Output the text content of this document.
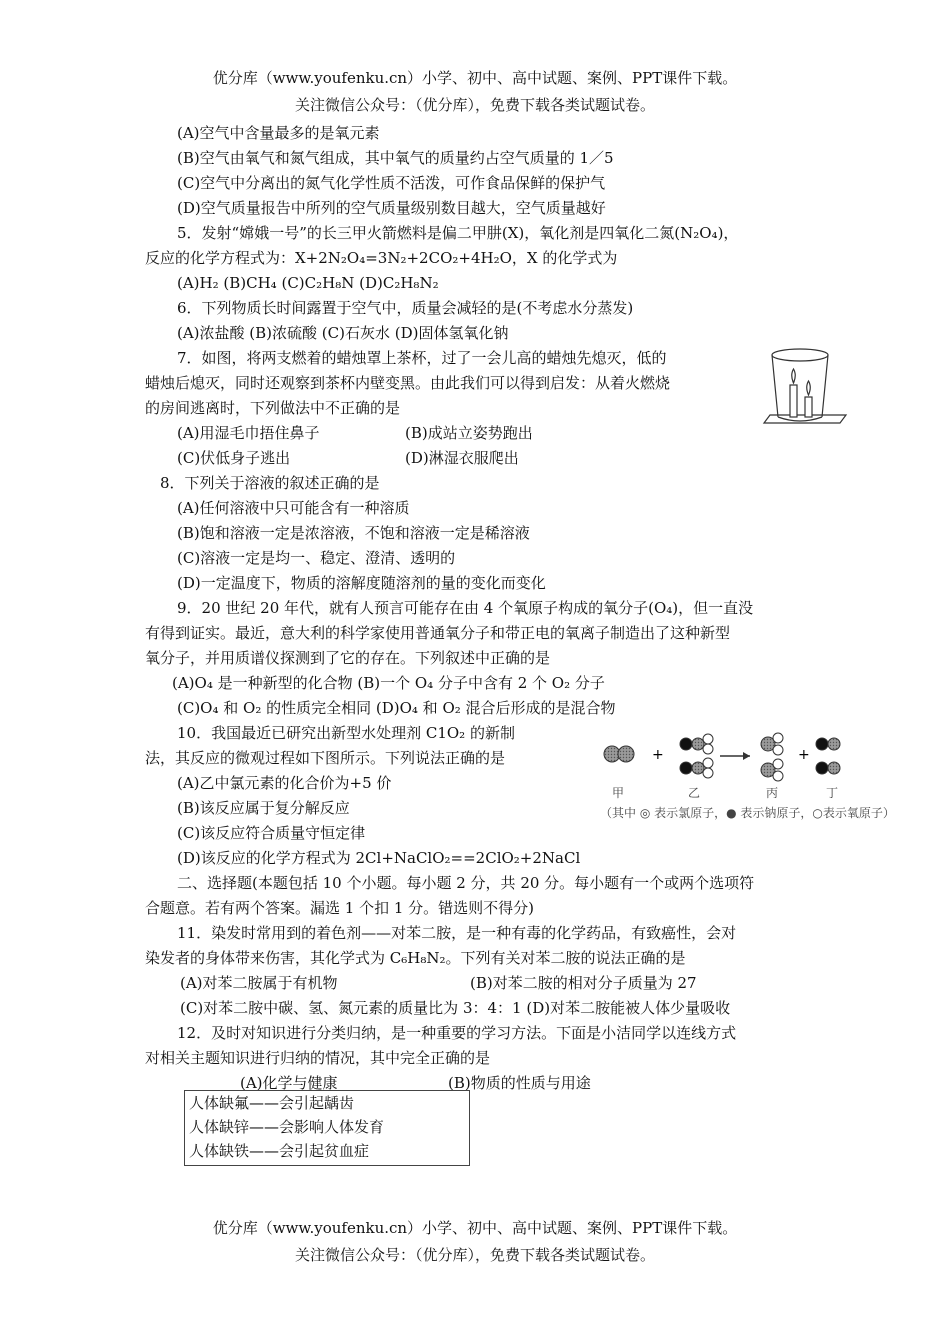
优分库（www.youfenku.cn）小学、初中、高中试题、案例、PPT课件下载。
关注微信公众号：（优分库），免费下载各类试题试卷。
(A)空气中含量最多的是氧元素
(B)空气由氧气和氮气组成，其中氧气的质量约占空气质量的 1／5
(C)空气中分离出的氮气化学性质不活泼，可作食品保鲜的保护气
(D)空气质量报告中所列的空气质量级别数目越大，空气质量越好
5．发射“嫦娥一号”的长三甲火箭燃料是偏二甲肼(X)，氧化剂是四氧化二氮(N₂O₄)，
反应的化学方程式为：X+2N₂O₄=3N₂+2CO₂+4H₂O，X 的化学式为
(A)H₂ (B)CH₄ (C)C₂H₈N (D)C₂H₈N₂
6．下列物质长时间露置于空气中，质量会减轻的是(不考虑水分蒸发)
(A)浓盐酸 (B)浓硫酸 (C)石灰水 (D)固体氢氧化钠
7．如图，将两支燃着的蜡烛罩上茶杯，过了一会儿高的蜡烛先熄灭，低的
蜡烛后熄灭，同时还观察到茶杯内壁变黑。由此我们可以得到启发：从着火燃烧
的房间逃离时，下列做法中不正确的是
(A)用湿毛巾捂住鼻子	(B)成站立姿势跑出
(C)伏低身子逃出	(D)淋湿衣服爬出
8．下列关于溶液的叙述正确的是
(A)任何溶液中只可能含有一种溶质
(B)饱和溶液一定是浓溶液，不饱和溶液一定是稀溶液
(C)溶液一定是均一、稳定、澄清、透明的
(D)一定温度下，物质的溶解度随溶剂的量的变化而变化
9．20 世纪 20 年代，就有人预言可能存在由 4 个氧原子构成的氧分子(O₄)，但一直没
有得到证实。最近，意大利的科学家使用普通氧分子和带正电的氧离子制造出了这种新型
氧分子，并用质谱仪探测到了它的存在。下列叙述中正确的是
(A)O₄ 是一种新型的化合物 (B)一个 O₄ 分子中含有 2 个 O₂ 分子
(C)O₄ 和 O₂ 的性质完全相同 (D)O₄ 和 O₂ 混合后形成的是混合物
10．我国最近已研究出新型水处理剂 C1O₂ 的新制
法，其反应的微观过程如下图所示。下列说法正确的是
(A)乙中氯元素的化合价为+5 价
(B)该反应属于复分解反应
(C)该反应符合质量守恒定律
(D)该反应的化学方程式为 2Cl+NaClO₂==2ClO₂+2NaCl
+	+
甲	乙	丙	丁
（其中 ◎ 表示氯原子，● 表示钠原子，○表示氧原子）
二、选择题(本题包括 10 个小题。每小题 2 分，共 20 分。每小题有一个或两个选项符
合题意。若有两个答案。漏选 1 个扣 1 分。错选则不得分)
11．染发时常用到的着色剂——对苯二胺，是一种有毒的化学药品，有致癌性，会对
染发者的身体带来伤害，其化学式为 C₆H₈N₂。下列有关对苯二胺的说法正确的是
(A)对苯二胺属于有机物	(B)对苯二胺的相对分子质量为 27
(C)对苯二胺中碳、氢、氮元素的质量比为 3：4：1 (D)对苯二胺能被人体少量吸收
12．及时对知识进行分类归纳，是一种重要的学习方法。下面是小洁同学以连线方式
对相关主题知识进行归纳的情况，其中完全正确的是
(A)化学与健康	(B)物质的性质与用途
人体缺氟——会引起龋齿
人体缺锌——会影响人体发育
人体缺铁——会引起贫血症
优分库（www.youfenku.cn）小学、初中、高中试题、案例、PPT课件下载。
关注微信公众号：（优分库），免费下载各类试题试卷。
